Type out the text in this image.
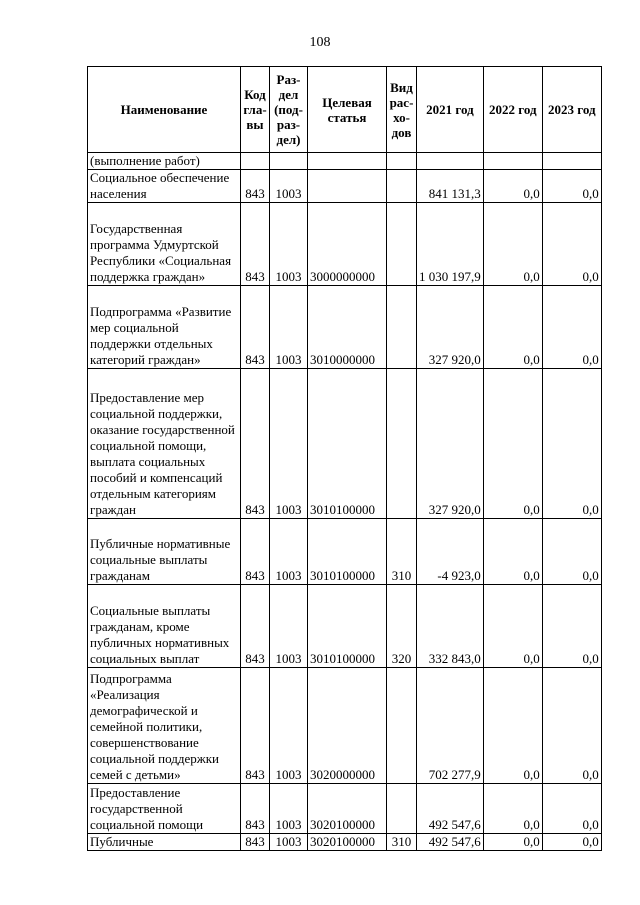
108
Наименование	Код гла- вы	Раз- дел (под- раз- дел)	Целевая статья	Вид рас- хо- дов	2021 год	2022 год	2023 год
(выполнение работ)							
Социальное обеспечение населения	843	1003			841 131,3	0,0	0,0
Государственная программа Удмуртской Республики «Социальная поддержка граждан»	843	1003	3000000000		1 030 197,9	0,0	0,0
Подпрограмма «Развитие мер социальной поддержки отдельных категорий граждан»	843	1003	3010000000		327 920,0	0,0	0,0
Предоставление мер социальной поддержки, оказание государственной социальной помощи, выплата социальных пособий и компенсаций отдельным категориям граждан	843	1003	3010100000		327 920,0	0,0	0,0
Публичные нормативные социальные выплаты гражданам	843	1003	3010100000	310	-4 923,0	0,0	0,0
Социальные выплаты гражданам, кроме публичных нормативных социальных выплат	843	1003	3010100000	320	332 843,0	0,0	0,0
Подпрограмма «Реализация демографической и семейной политики, совершенствование социальной поддержки семей с детьми»	843	1003	3020000000		702 277,9	0,0	0,0
Предоставление государственной социальной помощи	843	1003	3020100000		492 547,6	0,0	0,0
Публичные	843	1003	3020100000	310	492 547,6	0,0	0,0
